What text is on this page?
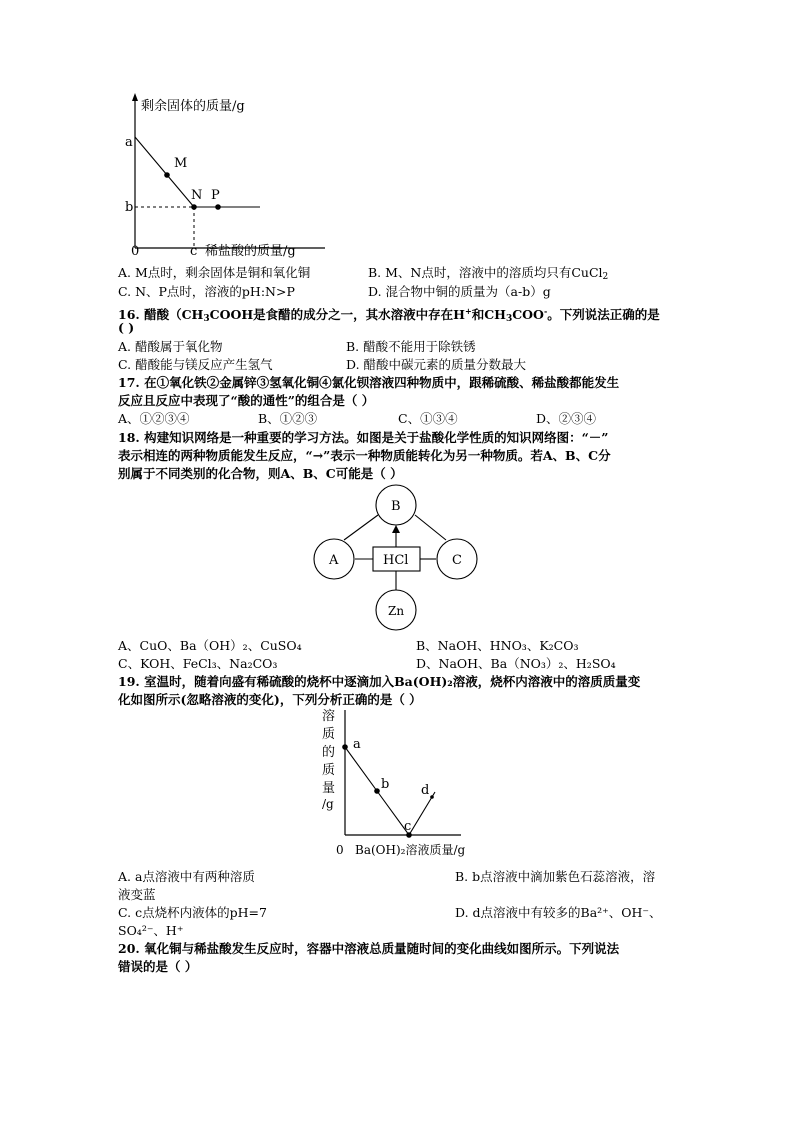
剩余固体的质量/g
a
b
0	c 稀盐酸的质量/g
M
N P
A. M点时，剩余固体是铜和氧化铜	B. M、N点时，溶液中的溶质均只有CuCl$_2$
C. N、P点时，溶液的pH:N>P	D. 混合物中铜的质量为（a-b）g
16. 醋酸（$CH_3COOH$是食醋的成分之一，其水溶液中存在H+和$CH_3COO^-$。下列说法正确的是
( )
A. 醋酸属于氧化物	B. 醋酸不能用于除铁锈
C. 醋酸能与镁反应产生氢气	D. 醋酸中碳元素的质量分数最大
17. 在①氧化铁②金属锌③氢氧化铜④氯化钡溶液四种物质中，跟稀硫酸、稀盐酸都能发生
反应且反应中表现了“酸的通性”的组合是（ ）
A、①②③④	B、①②③	C、①③④	D、②③④
18. 构建知识网络是一种重要的学习方法。如图是关于盐酸化学性质的知识网络图：“－”
表示相连的两种物质能发生反应，“→”表示一种物质能转化为另一种物质。若A、B、C分
别属于不同类别的化合物，则A、B、C可能是（ ）
B
A	C
HCl
Zn
A、CuO、Ba（OH）₂、CuSO₄	B、NaOH、HNO₃、K₂CO₃
C、KOH、FeCl₃、Na₂CO₃	D、NaOH、Ba（NO₃）₂、H₂SO₄
19. 室温时，随着向盛有稀硫酸的烧杯中逐滴加入Ba(OH)₂溶液，烧杯内溶液中的溶质质量变
化如图所示(忽略溶液的变化)，下列分析正确的是（ ）
溶
质
的
质
量
/g
a
b
c
d
0 Ba(OH)₂溶液质量/g
A. a点溶液中有两种溶质	B. b点溶液中滴加紫色石蕊溶液，溶
液变蓝
C. c点烧杯内液体的pH=7	D. d点溶液中有较多的Ba²⁺、OH⁻、
SO₄²⁻、H⁺
20. 氧化铜与稀盐酸发生反应时，容器中溶液总质量随时间的变化曲线如图所示。下列说法
错误的是（ ）
